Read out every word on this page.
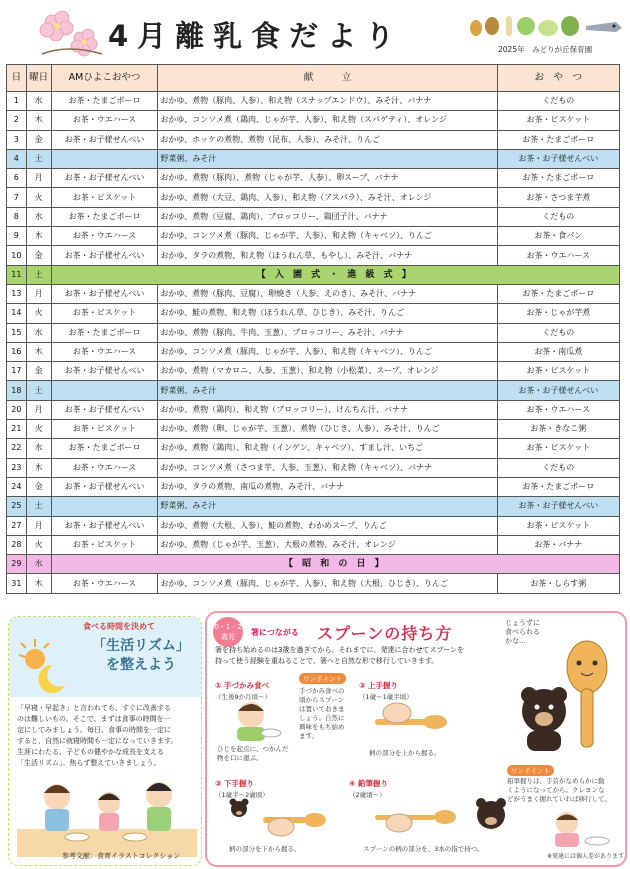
4月離乳食だより	2025年　みどりが丘保育園
日	曜日	AMひよこおやつ	献　　　立	お　や　つ
1	水	お茶・たまごボーロ	おかゆ、煮物（豚肉、人参）、和え物（スナップエンドウ）、みそ汁、バナナ	くだもの
2	木	お茶・ウエハース	おかゆ、コンソメ煮（鶏肉、じゃが芋、人参）、和え物（スパゲティ）、オレンジ	お茶・ビスケット
3	金	お茶・お子様せんべい	おかゆ、ホッケの煮物、煮物（昆布、人参）、みそ汁、りんご	お茶・たまごボーロ
4	土		野菜粥、みそ汁	お茶・お子様せんべい
6	月	お茶・お子様せんべい	おかゆ、煮物（豚肉）、煮物（じゃが芋、人参）、卵スープ、バナナ	お茶・たまごボーロ
7	火	お茶・ビスケット	おかゆ、煮物（大豆、鶏肉、人参）、和え物（アスパラ）、みそ汁、オレンジ	お茶・さつま芋煮
8	水	お茶・たまごボーロ	おかゆ、煮物（豆腐、鶏肉）、ブロッコリー、鶏団子汁、バナナ	くだもの
9	木	お茶・ウエハース	おかゆ、コンソメ煮（豚肉、じゃが芋、人参）、和え物（キャベツ）、りんご	お茶・食パン
10	金	お茶・お子様せんべい	おかゆ、タラの煮物、和え物（ほうれん草、もやし）、みそ汁、バナナ	お茶・ウエハース
11	土	【 入 園 式 ・ 進 級 式 】		
13	月	お茶・お子様せんべい	おかゆ、煮物（豚肉、豆腐）、卵焼き（人参、えのき）、みそ汁、バナナ	お茶・たまごボーロ
14	火	お茶・ビスケット	おかゆ、鮭の煮物、和え物（ほうれん草、ひじき）、みそ汁、りんご	お茶・じゃが芋煮
15	水	お茶・たまごボーロ	おかゆ、煮物（豚肉、牛肉、玉葱）、ブロッコリー、みそ汁、バナナ	くだもの
16	木	お茶・ウエハース	おかゆ、コンソメ煮（豚肉、じゃが芋、人参）、和え物（キャベツ）、りんご	お茶・南瓜煮
17	金	お茶・お子様せんべい	おかゆ、煮物（マカロニ、人参、玉葱）、和え物（小松菜）、スープ、オレンジ	お茶・ビスケット
18	土		野菜粥、みそ汁	お茶・お子様せんべい
20	月	お茶・お子様せんべい	おかゆ、煮物（鶏肉）、和え物（ブロッコリー）、けんちん汁、バナナ	お茶・ウエハース
21	火	お茶・ビスケット	おかゆ、煮物（卵、じゃが芋、玉葱）、煮物（ひじき、人参）、みそ汁、りんご	お茶・きなこ粥
22	水	お茶・たまごボーロ	おかゆ、煮物（鶏肉）、和え物（インゲン、キャベツ）、すまし汁、いちご	お茶・ビスケット
23	木	お茶・ウエハース	おかゆ、コンソメ煮（さつま芋、人参、玉葱）、和え物（キャベツ）、バナナ	くだもの
24	金	お茶・お子様せんべい	おかゆ、タラの煮物、南瓜の煮物、みそ汁、バナナ	お茶・たまごボーロ
25	土		野菜粥、みそ汁	お茶・お子様せんべい
27	月	お茶・お子様せんべい	おかゆ、煮物（大根、人参）、鮭の煮物、わかめスープ、りんご	お茶・ビスケット
28	火	お茶・ビスケット	おかゆ、煮物（じゃが芋、玉葱）、大根の煮物、みそ汁、オレンジ	お茶・バナナ
29	水	【 昭 和 の 日 】		
31	木	お茶・ウエハース	おかゆ、コンソメ煮（豚肉、じゃが芋、人参）、和え物（大根、ひじき）、りんご	お茶・しらす粥
食べる時間を決めて
「生活リズム」
を整えよう
「早寝・早起き」と言われても、すぐに改善する
のは難しいもの。そこで、まずは食事の時間を一
定にしてみましょう。毎日、食事の時間を一定に
すると、自然に就寝時間も一定になっていきます。
生涯にわたる、子どもの健やかな成長を支える
「生活リズム」。焦らず整えていきましょう。
参考文献：食育イラストコレクション
0・1・2
歳児	箸につながる スプーンの持ち方
箸を持ち始めるのは3歳を過ぎてから。それまでに、発達に合わせてスプーンを
持って使う経験を重ねることで、箸へと自然な形で移行していきます。
じょうずに
食べられる
かな…
① 手づかみ食べ
（生後9か月頃〜）
ひじを起点に、つかんだ
物を口に運ぶ。
ワンポイント
手づかみ食べの
頃からスプーン
は置いておきま
しょう。自然に
興味をもち始め
ます。
② 上手握り
（1歳〜1歳半頃）
柄の部分を上から握る。
③ 下手握り
（1歳半〜2歳頃）
柄の部分を下から握る。
④ 鉛筆握り
（2歳頃〜）
スプーンの柄の部分を、3本の指で持つ。
ワンポイント
鉛筆握りは、手首がなめらかに動
くようになってから。クレヨンな
どがうまく握れていれば移行して。
※発達には個人差があります
